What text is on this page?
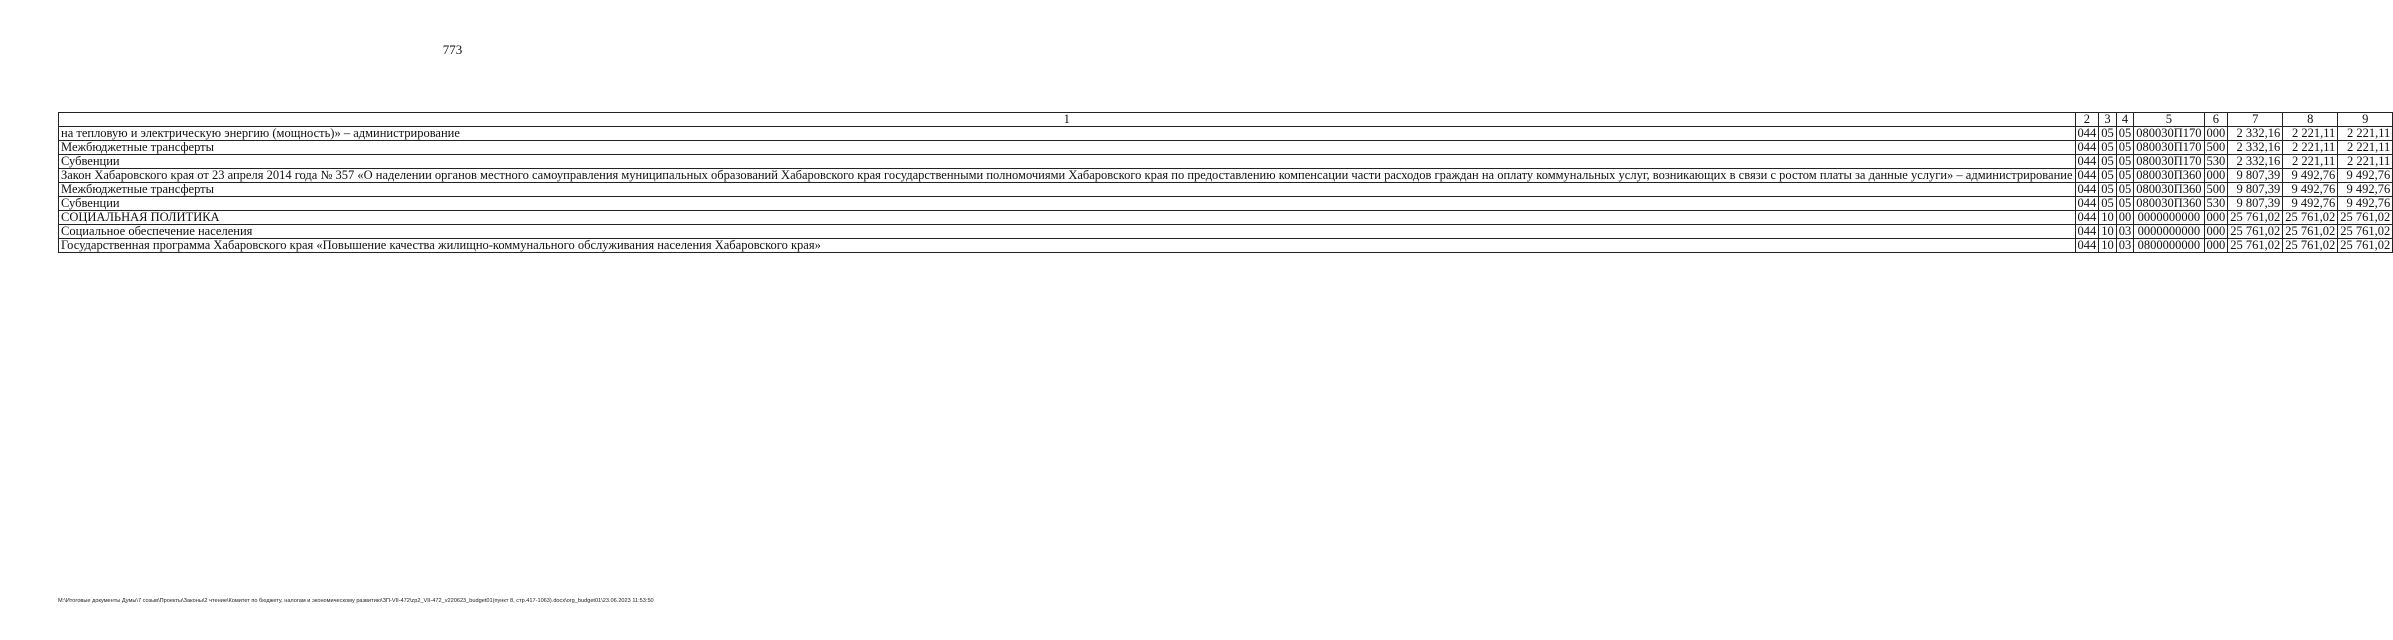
773
1	2	3	4	5	6	7	8	9
на тепловую и электрическую энергию (мощность)» – администрирование	044	05	05	080030П170	000	2 332,16	2 221,11	2 221,11
Межбюджетные трансферты	044	05	05	080030П170	500	2 332,16	2 221,11	2 221,11
Субвенции	044	05	05	080030П170	530	2 332,16	2 221,11	2 221,11
Закон Хабаровского края от 23 апреля 2014 года № 357 «О наделении органов местного самоуправления муниципальных образований Хабаровского края государственными полномочиями Хабаровского края по предоставлению компенсации части расходов граждан на оплату коммунальных услуг, возникающих в связи с ростом платы за данные услуги» – администрирование	044	05	05	080030П360	000	9 807,39	9 492,76	9 492,76
Межбюджетные трансферты	044	05	05	080030П360	500	9 807,39	9 492,76	9 492,76
Субвенции	044	05	05	080030П360	530	9 807,39	9 492,76	9 492,76
СОЦИАЛЬНАЯ ПОЛИТИКА	044	10	00	0000000000	000	25 761,02	25 761,02	25 761,02
Социальное обеспечение населения	044	10	03	0000000000	000	25 761,02	25 761,02	25 761,02
Государственная программа Хабаровского края «Повышение качества жилищно-коммунального обслуживания населения Хабаровского края»	044	10	03	0800000000	000	25 761,02	25 761,02	25 761,02
M:\Итоговые документы Думы\7 созыв\Проекты\Законы\2 чтение\Комитет по бюджету, налогам и экономическому развитию\ЗП-VII-472\zp2_VII-472_v220623_budget01(пункт 8, стр.417-1063).docx\org_budget01\23.06.2023 11:53:50
